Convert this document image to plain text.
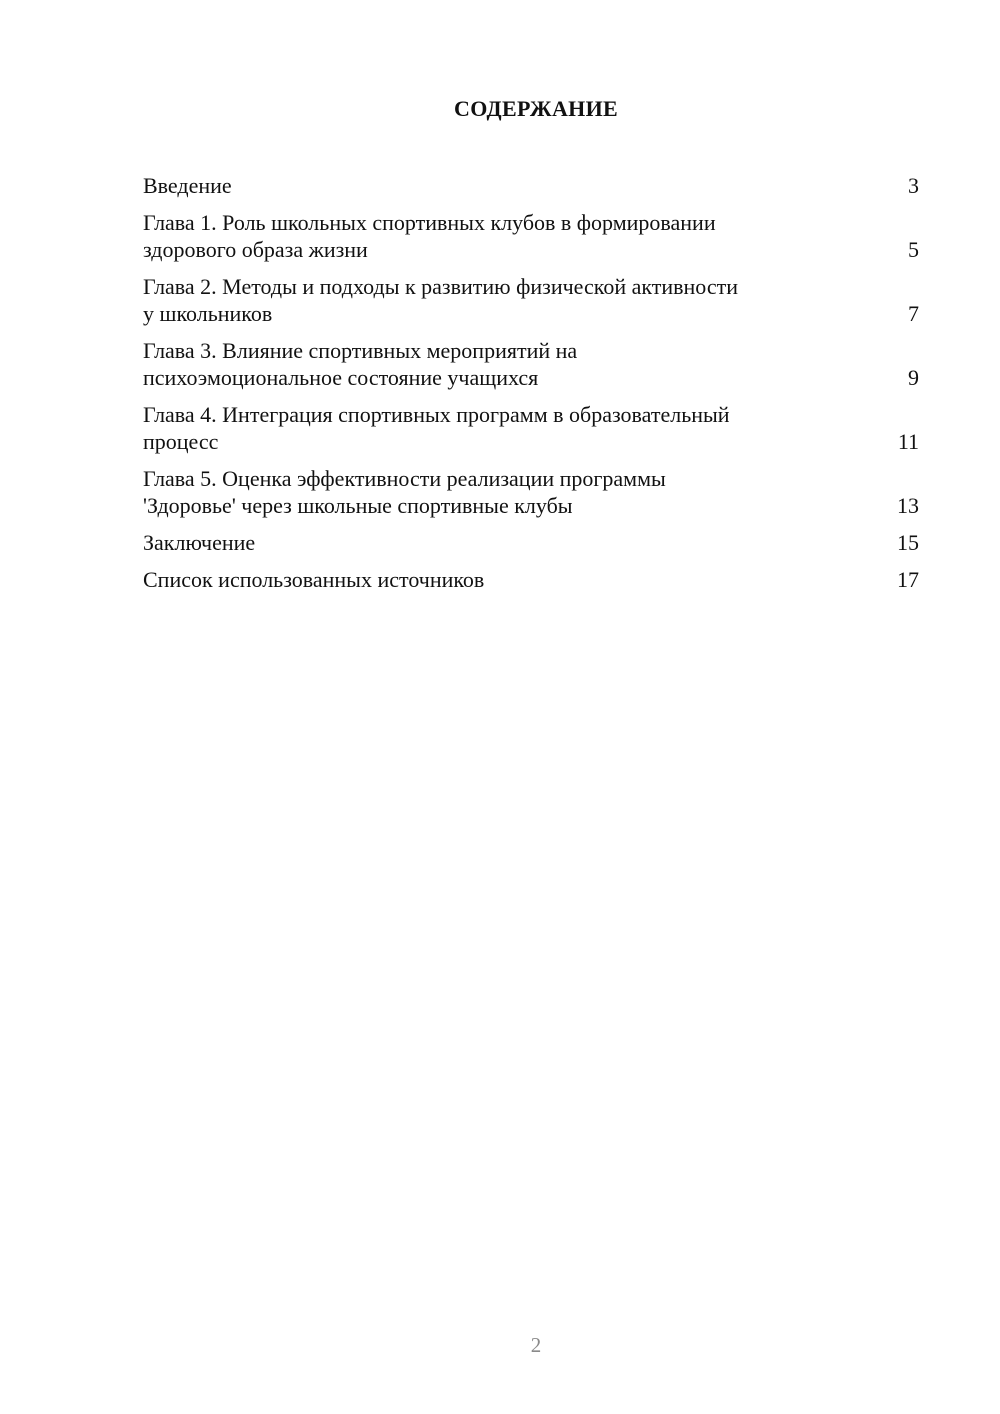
СОДЕРЖАНИЕ
Введение	3
Глава 1. Роль школьных спортивных клубов в формировании
здорового образа жизни	5
Глава 2. Методы и подходы к развитию физической активности
у школьников	7
Глава 3. Влияние спортивных мероприятий на
психоэмоциональное состояние учащихся	9
Глава 4. Интеграция спортивных программ в образовательный
процесс	11
Глава 5. Оценка эффективности реализации программы
'Здоровье' через школьные спортивные клубы	13
Заключение	15
Список использованных источников	17
2
